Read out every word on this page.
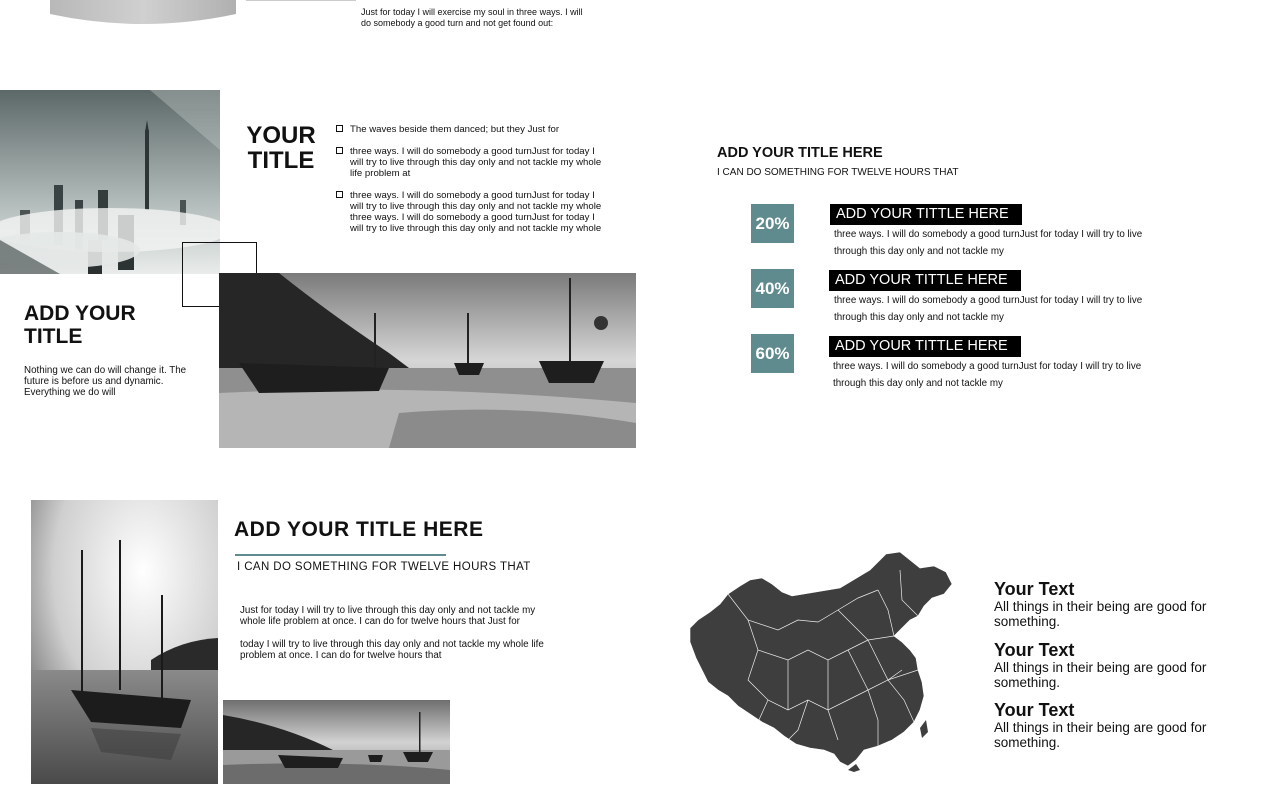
Just for today I will exercise my soul in three ways. I will do somebody a good turn and not get found out:
YOUR TITLE
The waves beside them danced; but they Just for
three ways. I will do somebody a good turnJust for today I will try to live through this day only and not tackle my whole life problem at
three ways. I will do somebody a good turnJust for today I will try to live through this day only and not tackle my whole three ways. I will do somebody a good turnJust for today I will try to live through this day only and not tackle my whole
ADD YOUR TITLE
Nothing we can do will change it. The future is before us and dynamic. Everything we do will
ADD YOUR TITLE HERE
I CAN DO SOMETHING FOR TWELVE HOURS THAT
20%	ADD YOUR TITTLE HERE
three ways. I will do somebody a good turnJust for today I will try to live through this day only and not tackle my
40%	ADD YOUR TITTLE HERE
three ways. I will do somebody a good turnJust for today I will try to live through this day only and not tackle my
60%	ADD YOUR TITTLE HERE
three ways. I will do somebody a good turnJust for today I will try to live through this day only and not tackle my
ADD YOUR TITLE HERE
I CAN DO SOMETHING FOR TWELVE HOURS THAT
Just for today I will try to live through this day only and not tackle my whole life problem at once. I can do for twelve hours that Just for
today I will try to live through this day only and not tackle my whole life problem at once. I can do for twelve hours that
Your Text
All things in their being are good for something.
Your Text
All things in their being are good for something.
Your Text
All things in their being are good for something.
